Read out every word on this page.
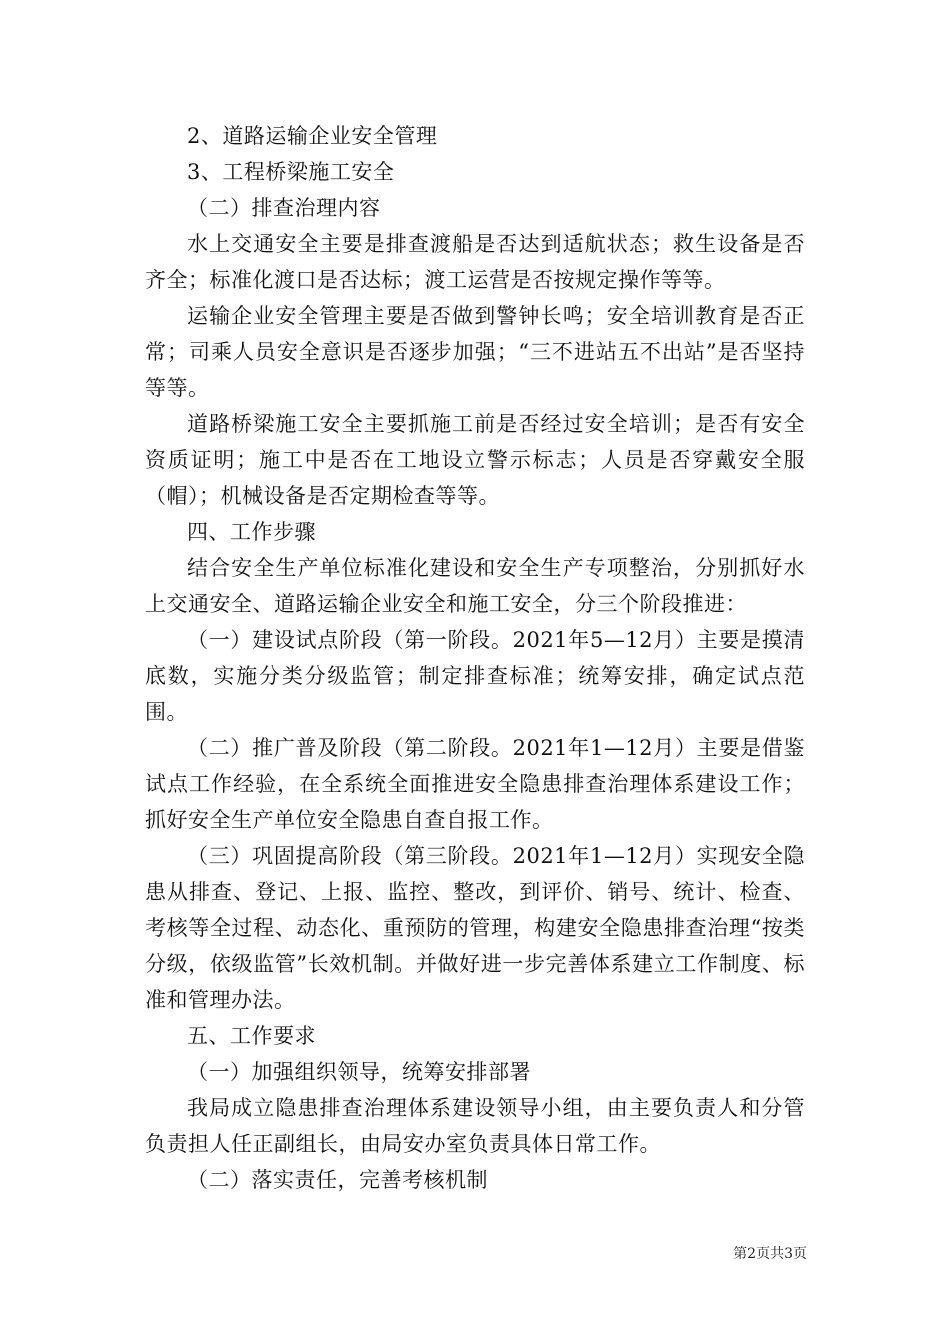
2、道路运输企业安全管理

3、工程桥梁施工安全

（二）排查治理内容

水上交通安全主要是排查渡船是否达到适航状态；救生设备是否齐全；标准化渡口是否达标；渡工运营是否按规定操作等等。

运输企业安全管理主要是否做到警钟长鸣；安全培训教育是否正常；司乘人员安全意识是否逐步加强；“三不进站五不出站”是否坚持等等。

道路桥梁施工安全主要抓施工前是否经过安全培训；是否有安全资质证明；施工中是否在工地设立警示标志；人员是否穿戴安全服（帽）；机械设备是否定期检查等等。

四、工作步骤

结合安全生产单位标准化建设和安全生产专项整治，分别抓好水上交通安全、道路运输企业安全和施工安全，分三个阶段推进：

（一）建设试点阶段（第一阶段。2021年5—12月）主要是摸清底数，实施分类分级监管；制定排查标准；统筹安排，确定试点范围。

（二）推广普及阶段（第二阶段。2021年1—12月）主要是借鉴试点工作经验，在全系统全面推进安全隐患排查治理体系建设工作；抓好安全生产单位安全隐患自查自报工作。

（三）巩固提高阶段（第三阶段。2021年1—12月）实现安全隐患从排查、登记、上报、监控、整改，到评价、销号、统计、检查、考核等全过程、动态化、重预防的管理，构建安全隐患排查治理“按类分级，依级监管”长效机制。并做好进一步完善体系建立工作制度、标准和管理办法。

五、工作要求

（一）加强组织领导，统筹安排部署

我局成立隐患排查治理体系建设领导小组，由主要负责人和分管负责担人任正副组长，由局安办室负责具体日常工作。

（二）落实责任，完善考核机制

第2页共3页
